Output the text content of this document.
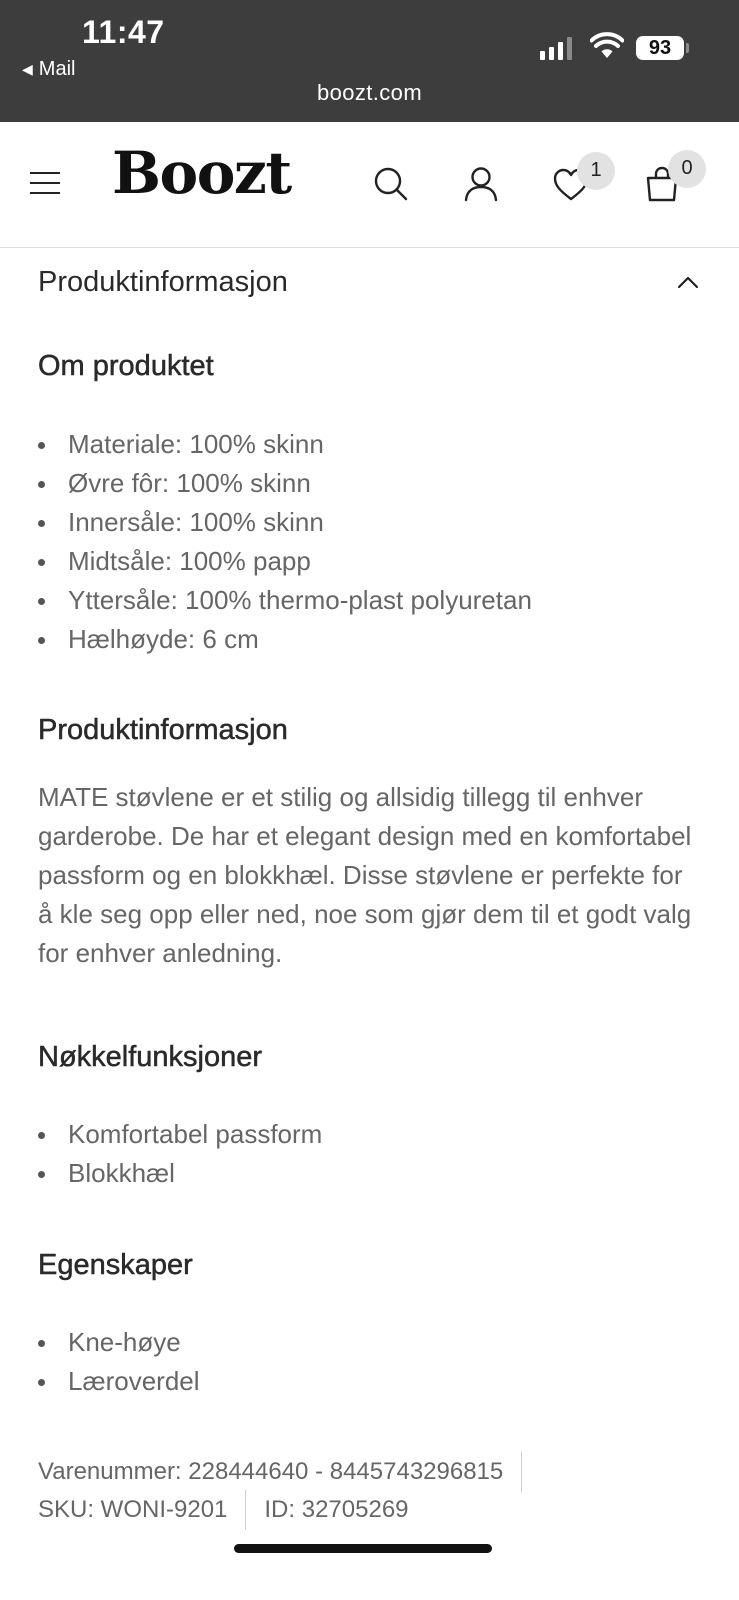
11:47
◀ Mail
boozt.com
93
Boozt	1	0
Produktinformasjon
Om produktet
Materiale: 100% skinn
Øvre fôr: 100% skinn
Innersåle: 100% skinn
Midtsåle: 100% papp
Yttersåle: 100% thermo-plast polyuretan
Hælhøyde: 6 cm
Produktinformasjon

MATE støvlene er et stilig og allsidig tillegg til enhver garderobe. De har et elegant design med en komfortabel passform og en blokkhæl. Disse støvlene er perfekte for å kle seg opp eller ned, noe som gjør dem til et godt valg for enhver anledning.

Nøkkelfunksjoner
Komfortabel passform
Blokkhæl
Egenskaper
Kne-høye
Læroverdel
Varenummer: 228444640 - 8445743296815
SKU: WONI-9201 ID: 32705269
